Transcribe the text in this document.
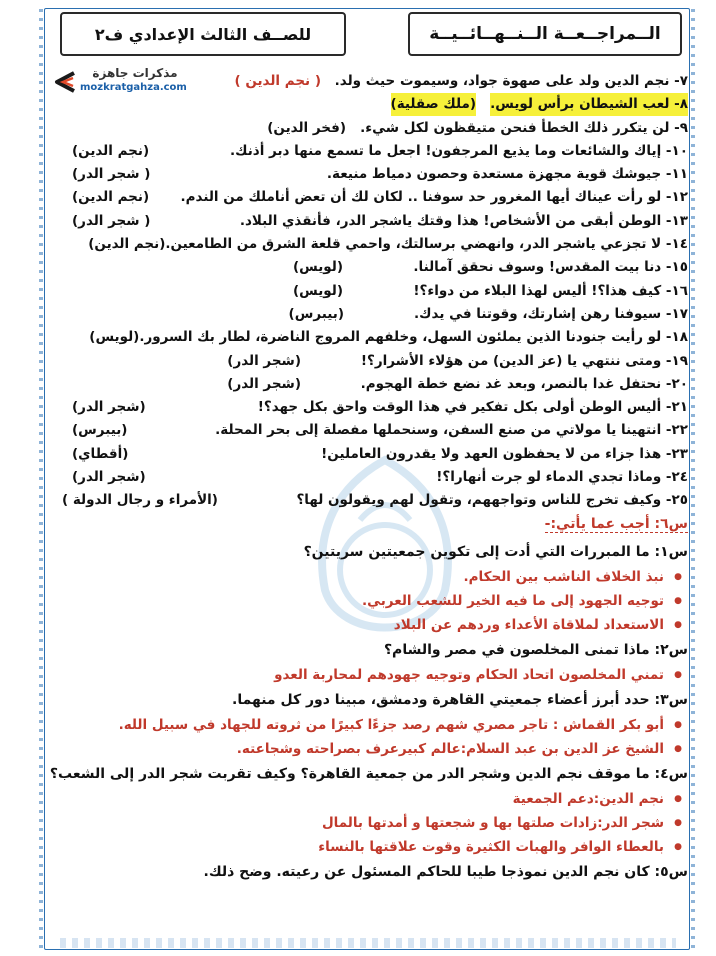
للصــف الثالث الإعدادي ف٢	الــمراجــعــة الــنــهــائــيــة
مذكرات جاهزة
mozkratgahza.com	٧- نجم الدين ولد على صهوة جواد، وسيموت حيث ولد.
( نجم الدين )
٨- لعب الشيطان برأس لويس.
(ملك صقلية)
٩- لن يتكرر ذلك الخطأ فنحن متيقظون لكل شيء.
(فخر الدين)
١٠- إياك والشائعات وما يذيع المرجفون! اجعل ما تسمع منها دبر أذنك.
(نجم الدين)
١١- جيوشك قوية مجهزة مستعدة وحصون دمياط منيعة.
( شجر الدر)
١٢- لو رأت عيناك أيها المغرور حد سوفنا .. لكان لك أن تعض أناملك من الندم.
(نجم الدين)
١٣- الوطن أبقى من الأشخاص! هذا وقتك ياشجر الدر، فأنقذي البلاد.
( شجر الدر)
١٤- لا تجزعي ياشجر الدر، وانهضي برسالتك، واحمي قلعة الشرق من الطامعين.(نجم الدين)
١٥- دنا بيت المقدس! وسوف نحقق آمالنا.
(لويس)
١٦- كيف هذا؟! أليس لهذا البلاء من دواء؟!
(لويس)
١٧- سيوفنا رهن إشارتك، وقوتنا في يدك.
(بيبرس)
١٨- لو رأيت جنودنا الذين يملئون السهل، وخلفهم المروج الناضرة، لطار بك السرور.(لويس)
١٩- ومتى ننتهي يا (عز الدين) من هؤلاء الأشرار؟!
(شجر الدر)
٢٠- نحتفل غدا بالنصر، وبعد غد نضع خطة الهجوم.
(شجر الدر)
٢١- أليس الوطن أولى بكل تفكير في هذا الوقت واحق بكل جهد؟!
(شجر الدر)
٢٢- انتهينا يا مولاتي من صنع السفن، وسنحملها مفصلة إلى بحر المحلة.
(بيبرس)
٢٣- هذا جزاء من لا يحفظون العهد ولا يقدرون العاملين!
(أقطاي)
٢٤- وماذا تجدي الدماء لو جرت أنهارا؟!
(شجر الدر)
٢٥- وكيف تخرج للناس وتواجههم، وتقول لهم ويقولون لها؟
(الأمراء و رجال الدولة )
س٦: أجب عما يأتي:-
س١: ما المبررات التي أدت إلى تكوين جمعيتين سريتين؟
● نبذ الخلاف الناشب بين الحكام.
● توجيه الجهود إلى ما فيه الخير للشعب العربي.
● الاستعداد لملاقاة الأعداء وردهم عن البلاد
س٢: ماذا تمنى المخلصون في مصر والشام؟
● تمني المخلصون اتحاد الحكام وتوجيه جهودهم لمحاربة العدو
س٣: حدد أبرز أعضاء جمعيتي القاهرة ودمشق، مبينا دور كل منهما.
● أبو بكر القماش : تاجر مصري شهم رصد جزءًا كبيرًا من ثروته للجهاد في سبيل الله.
● الشيخ عز الدين بن عبد السلام:عالم كبيرعرف بصراحته وشجاعته.
س٤: ما موقف نجم الدين وشجر الدر من جمعية القاهرة؟ وكيف تقربت شجر الدر إلى الشعب؟
● نجم الدين:دعم الجمعية
● شجر الدر:زادات صلتها بها و شجعتها و أمدتها بالمال
● بالعطاء الوافر والهبات الكثيرة وقوت علاقتها بالنساء
س٥: كان نجم الدين نموذجا طيبا للحاكم المسئول عن رعيته. وضح ذلك.
